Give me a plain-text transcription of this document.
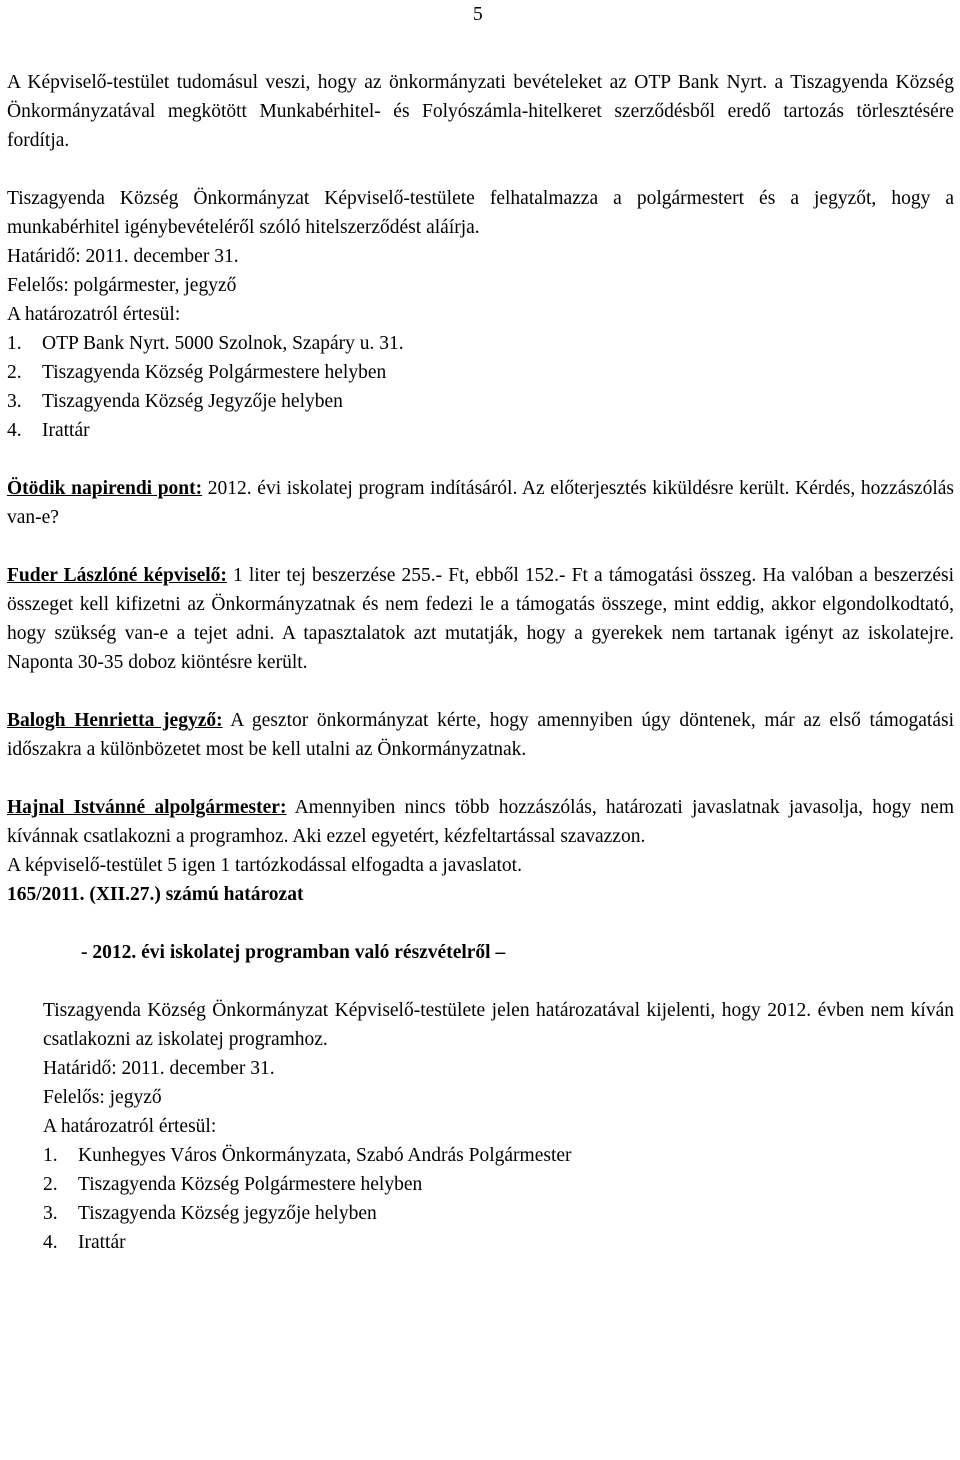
5

A Képviselő-testület tudomásul veszi, hogy az önkormányzati bevételeket az OTP Bank Nyrt. a Tiszagyenda Község Önkormányzatával megkötött Munkabérhitel- és Folyószámla-hitelkeret szerződésből eredő tartozás törlesztésére fordítja.

Tiszagyenda Község Önkormányzat Képviselő-testülete felhatalmazza a polgármestert és a jegyzőt, hogy a munkabérhitel igénybevételéről szóló hitelszerződést aláírja.

Határidő: 2011. december 31.
Felelős: polgármester, jegyző
A határozatról értesül:
1. OTP Bank Nyrt. 5000 Szolnok, Szapáry u. 31.
2. Tiszagyenda Község Polgármestere helyben
3. Tiszagyenda Község Jegyzője helyben
4. Irattár

Ötödik napirendi pont: 2012. évi iskolatej program indításáról. Az előterjesztés kiküldésre került. Kérdés, hozzászólás van-e?

Fuder Lászlóné képviselő: 1 liter tej beszerzése 255.- Ft, ebből 152.- Ft a támogatási összeg. Ha valóban a beszerzési összeget kell kifizetni az Önkormányzatnak és nem fedezi le a támogatás összege, mint eddig, akkor elgondolkodtató, hogy szükség van-e a tejet adni. A tapasztalatok azt mutatják, hogy a gyerekek nem tartanak igényt az iskolatejre. Naponta 30-35 doboz kiöntésre került.

Balogh Henrietta jegyző: A gesztor önkormányzat kérte, hogy amennyiben úgy döntenek, már az első támogatási időszakra a különbözetet most be kell utalni az Önkormányzatnak.

Hajnal Istvánné alpolgármester: Amennyiben nincs több hozzászólás, határozati javaslatnak javasolja, hogy nem kívánnak csatlakozni a programhoz. Aki ezzel egyetért, kézfeltartással szavazzon.

A képviselő-testület 5 igen 1 tartózkodással elfogadta a javaslatot.
165/2011. (XII.27.) számú határozat
- 2012. évi iskolatej programban való részvételről –

Tiszagyenda Község Önkormányzat Képviselő-testülete jelen határozatával kijelenti, hogy 2012. évben nem kíván csatlakozni az iskolatej programhoz.

Határidő: 2011. december 31.
Felelős: jegyző
A határozatról értesül:
1. Kunhegyes Város Önkormányzata, Szabó András Polgármester
2. Tiszagyenda Község Polgármestere helyben
3. Tiszagyenda Község jegyzője helyben
4. Irattár
